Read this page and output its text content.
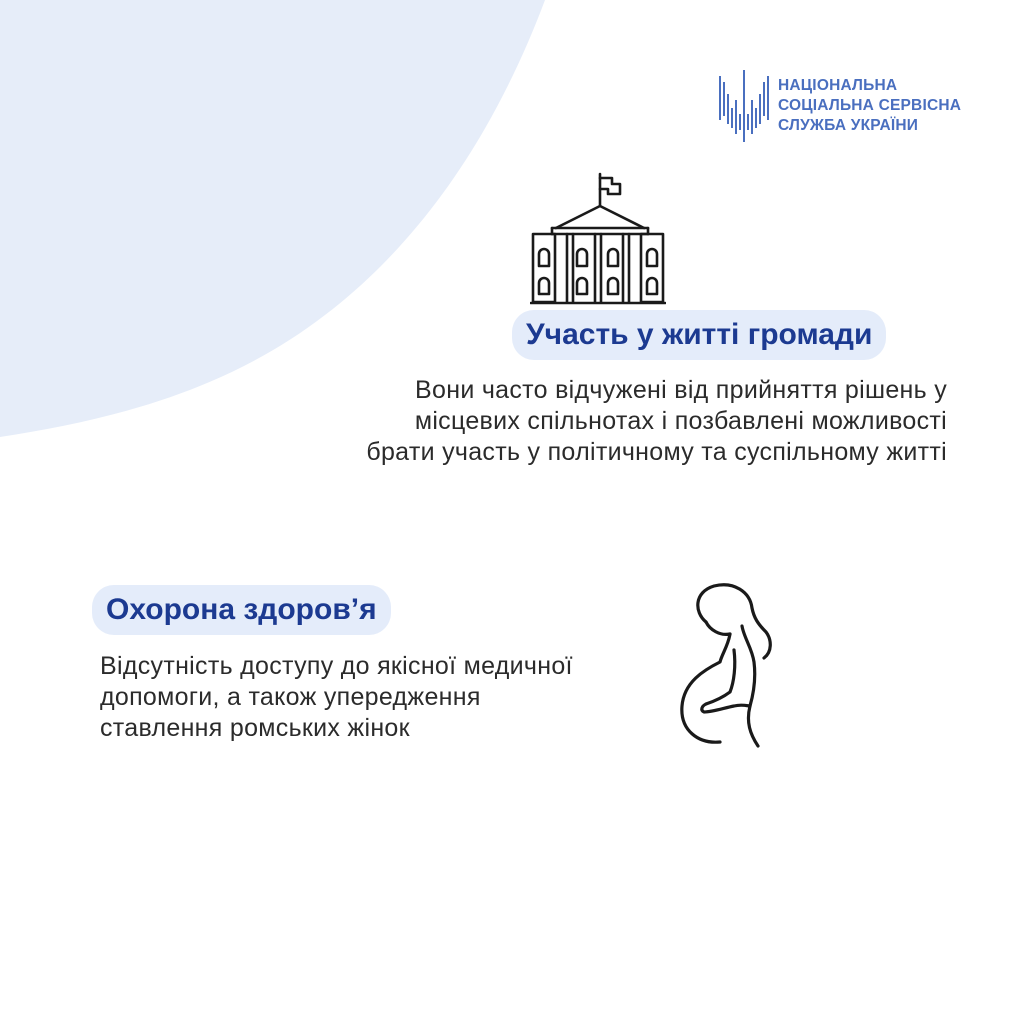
НАЦІОНАЛЬНА
СОЦІАЛЬНА СЕРВІСНА
СЛУЖБА УКРАЇНИ
Участь у житті громади
Вони часто відчужені від прийняття рішень у
місцевих спільнотах і позбавлені можливості
брати участь у політичному та суспільному житті
Охорона здоров’я
Відсутність доступу до якісної медичної
допомоги, а також упередження
ставлення ромських жінок
